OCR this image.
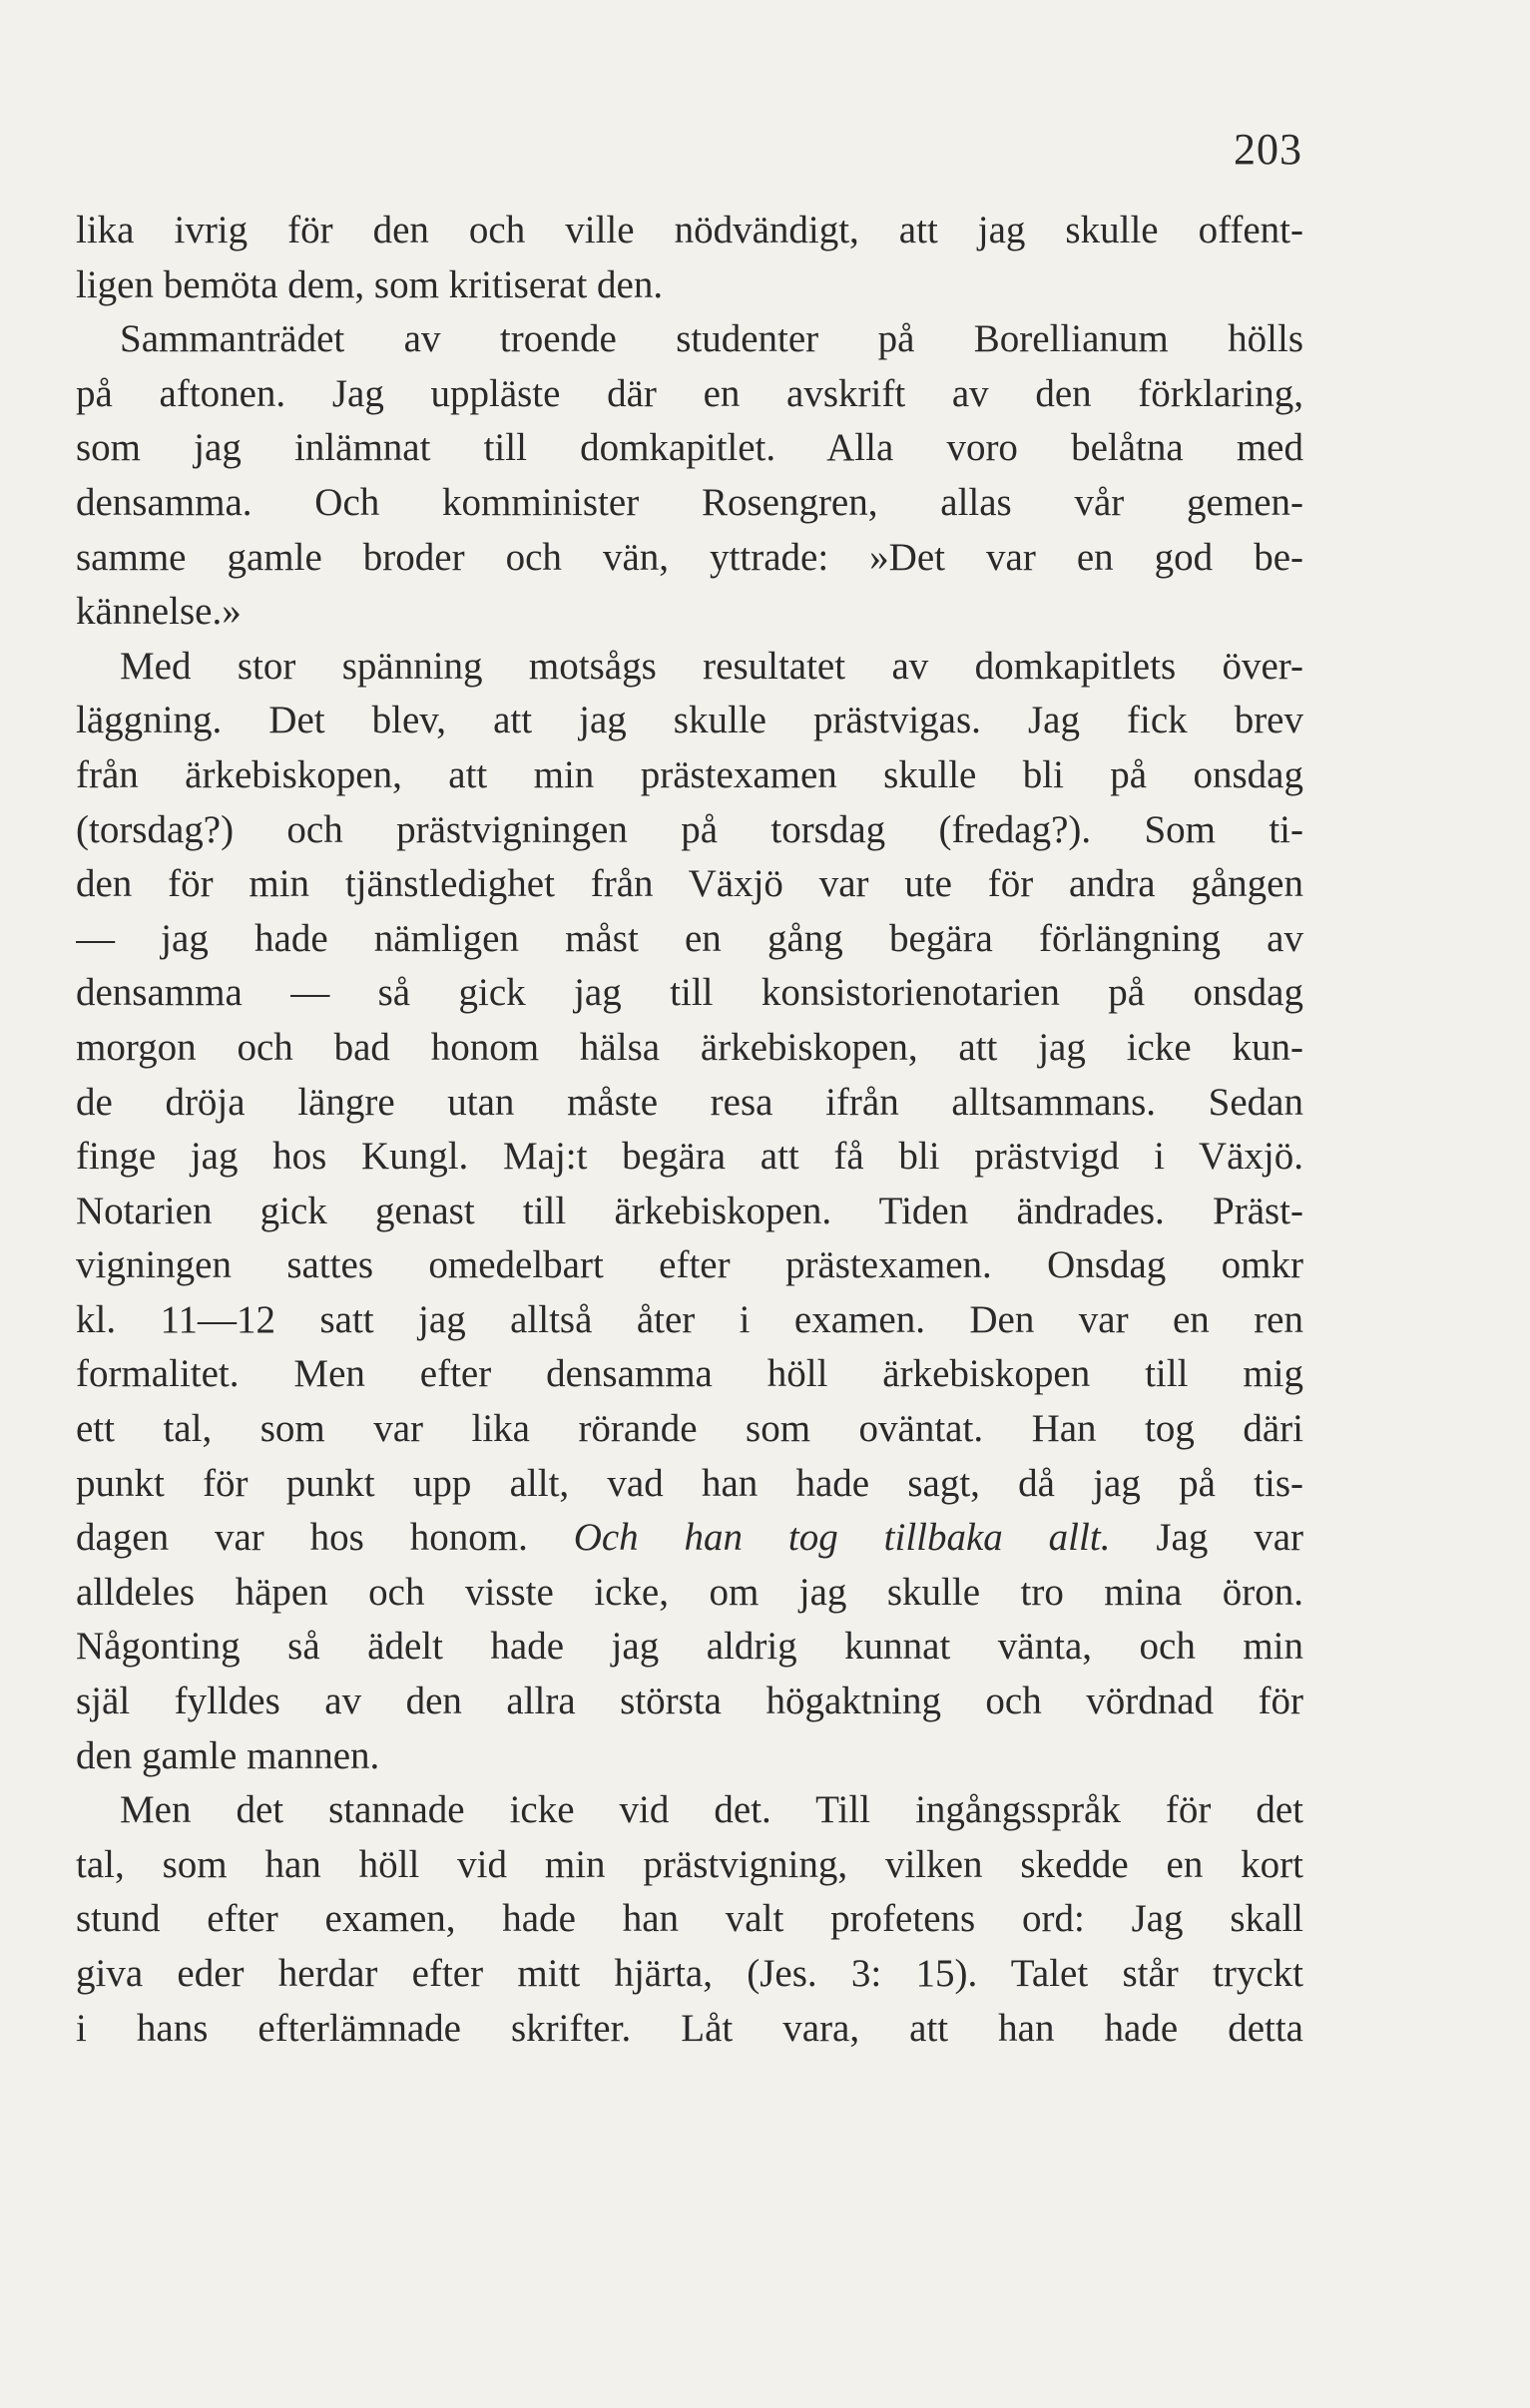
203
lika ivrig för den och ville nödvändigt, att jag skulle offent-
ligen bemöta dem, som kritiserat den.
Sammanträdet av troende studenter på Borellianum hölls
på aftonen. Jag uppläste där en avskrift av den förklaring,
som jag inlämnat till domkapitlet. Alla voro belåtna med
densamma. Och komminister Rosengren, allas vår gemen-
samme gamle broder och vän, yttrade: »Det var en god be-
kännelse.»
Med stor spänning motsågs resultatet av domkapitlets över-
läggning. Det blev, att jag skulle prästvigas. Jag fick brev
från ärkebiskopen, att min prästexamen skulle bli på onsdag
(torsdag?) och prästvigningen på torsdag (fredag?). Som ti-
den för min tjänstledighet från Växjö var ute för andra gången
— jag hade nämligen måst en gång begära förlängning av
densamma — så gick jag till konsistorienotarien på onsdag
morgon och bad honom hälsa ärkebiskopen, att jag icke kun-
de dröja längre utan måste resa ifrån alltsammans. Sedan
finge jag hos Kungl. Maj:t begära att få bli prästvigd i Växjö.
Notarien gick genast till ärkebiskopen. Tiden ändrades. Präst-
vigningen sattes omedelbart efter prästexamen. Onsdag omkr
kl. 11—12 satt jag alltså åter i examen. Den var en ren
formalitet. Men efter densamma höll ärkebiskopen till mig
ett tal, som var lika rörande som oväntat. Han tog däri
punkt för punkt upp allt, vad han hade sagt, då jag på tis-
dagen var hos honom. Och han tog tillbaka allt. Jag var
alldeles häpen och visste icke, om jag skulle tro mina öron.
Någonting så ädelt hade jag aldrig kunnat vänta, och min
själ fylldes av den allra största högaktning och vördnad för
den gamle mannen.
Men det stannade icke vid det. Till ingångsspråk för det
tal, som han höll vid min prästvigning, vilken skedde en kort
stund efter examen, hade han valt profetens ord: Jag skall
giva eder herdar efter mitt hjärta, (Jes. 3: 15). Talet står tryckt
i hans efterlämnade skrifter. Låt vara, att han hade detta
